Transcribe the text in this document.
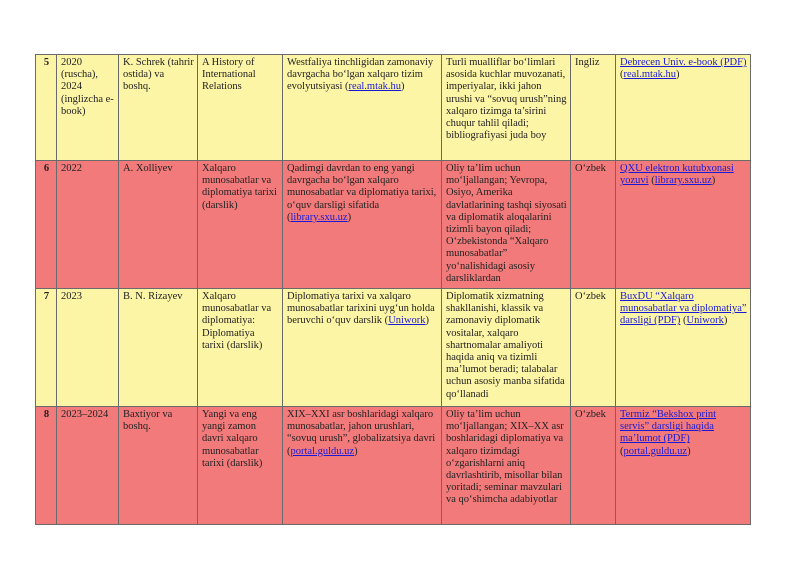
5	2020 (ruscha), 2024 (inglizcha e-book)	K. Schrek (tahrir ostida) va boshq.	A History of International Relations	Westfaliya tinchligidan zamonaviy davrgacha bo‘lgan xalqaro tizim evolyutsiyasi (real.mtak.hu)	Turli mualliflar bo‘limlari asosida kuchlar muvozanati, imperiyalar, ikki jahon urushi va “sovuq urush”ning xalqaro tizimga ta’sirini chuqur tahlil qiladi; bibliografiyasi juda boy	Ingliz	Debrecen Univ. e-book (PDF) (real.mtak.hu)

6	2022	A. Xolliyev	Xalqaro munosabatlar va diplomatiya tarixi (darslik)	Qadimgi davrdan to eng yangi davrgacha bo‘lgan xalqaro munosabatlar va diplomatiya tarixi, o‘quv darsligi sifatida (library.sxu.uz)	Oliy ta’lim uchun mo‘ljallangan; Yevropa, Osiyo, Amerika davlatlarining tashqi siyosati va diplomatik aloqalarini tizimli bayon qiladi; O‘zbekistonda “Xalqaro munosabatlar” yo‘nalishidagi asosiy darsliklardan	O‘zbek	QXU elektron kutubxonasi yozuvi (library.sxu.uz)

7	2023	B. N. Rizayev	Xalqaro munosabatlar va diplomatiya: Diplomatiya tarixi (darslik)	Diplomatiya tarixi va xalqaro munosabatlar tarixini uyg‘un holda beruvchi o‘quv darslik (Uniwork)	Diplomatik xizmatning shakllanishi, klassik va zamonaviy diplomatik vositalar, xalqaro shartnomalar amaliyoti haqida aniq va tizimli ma’lumot beradi; talabalar uchun asosiy manba sifatida qo‘llanadi	O‘zbek	BuxDU “Xalqaro munosabatlar va diplomatiya” darsligi (PDF) (Uniwork)

8	2023–2024	Baxtiyor va boshq.	Yangi va eng yangi zamon davri xalqaro munosabatlar tarixi (darslik)	XIX–XXI asr boshlaridagi xalqaro munosabatlar, jahon urushlari, “sovuq urush”, globalizatsiya davri (portal.guldu.uz)	Oliy ta’lim uchun mo‘ljallangan; XIX–XX asr boshlaridagi diplomatiya va xalqaro tizimdagi o‘zgarishlarni aniq davrlashtirib, misollar bilan yoritadi; seminar mavzulari va qo‘shimcha adabiyotlar	O‘zbek	Termiz “Bekshox print servis” darsligi haqida ma’lumot (PDF) (portal.guldu.uz)
